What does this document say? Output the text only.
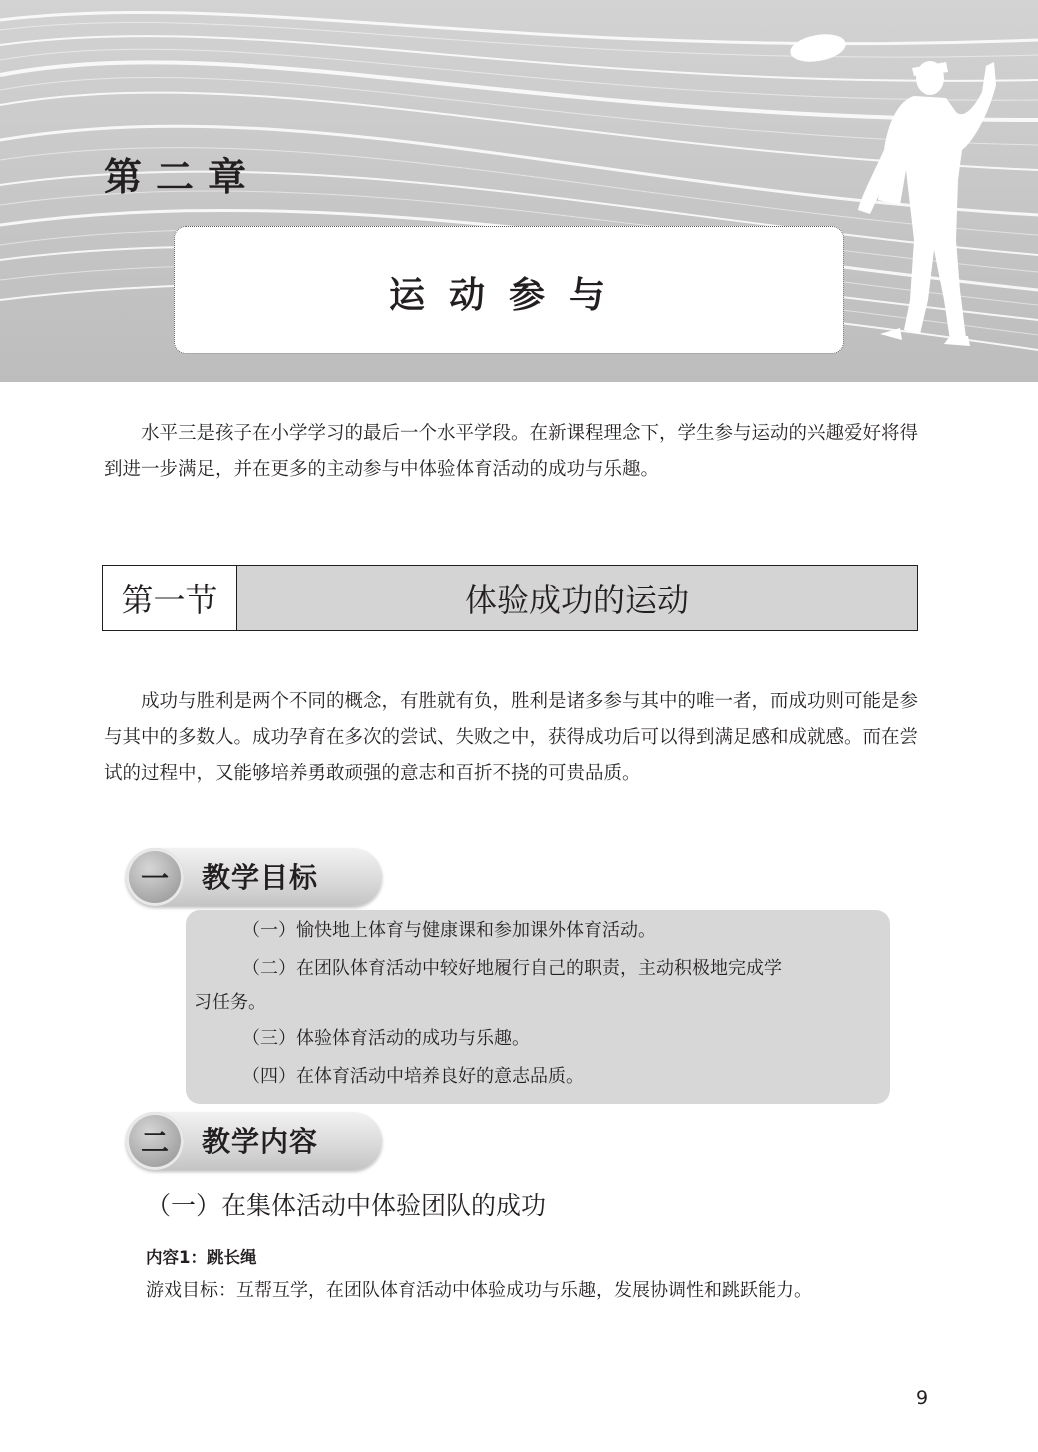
第二章
运动参与

水平三是孩子在小学学习的最后一个水平学段。在新课程理念下，学生参与运动的兴趣爱好将得到进一步满足，并在更多的主动参与中体验体育活动的成功与乐趣。

第一节	体验成功的运动

成功与胜利是两个不同的概念，有胜就有负，胜利是诸多参与其中的唯一者，而成功则可能是参与其中的多数人。成功孕育在多次的尝试、失败之中，获得成功后可以得到满足感和成就感。而在尝试的过程中，又能够培养勇敢顽强的意志和百折不挠的可贵品质。

一	教学目标

（一）愉快地上体育与健康课和参加课外体育活动。

（二）在团队体育活动中较好地履行自己的职责，主动积极地完成学

习任务。

（三）体验体育活动的成功与乐趣。

（四）在体育活动中培养良好的意志品质。

二	教学内容
（一）在集体活动中体验团队的成功
内容1：跳长绳
游戏目标：互帮互学，在团队体育活动中体验成功与乐趣，发展协调性和跳跃能力。
9
